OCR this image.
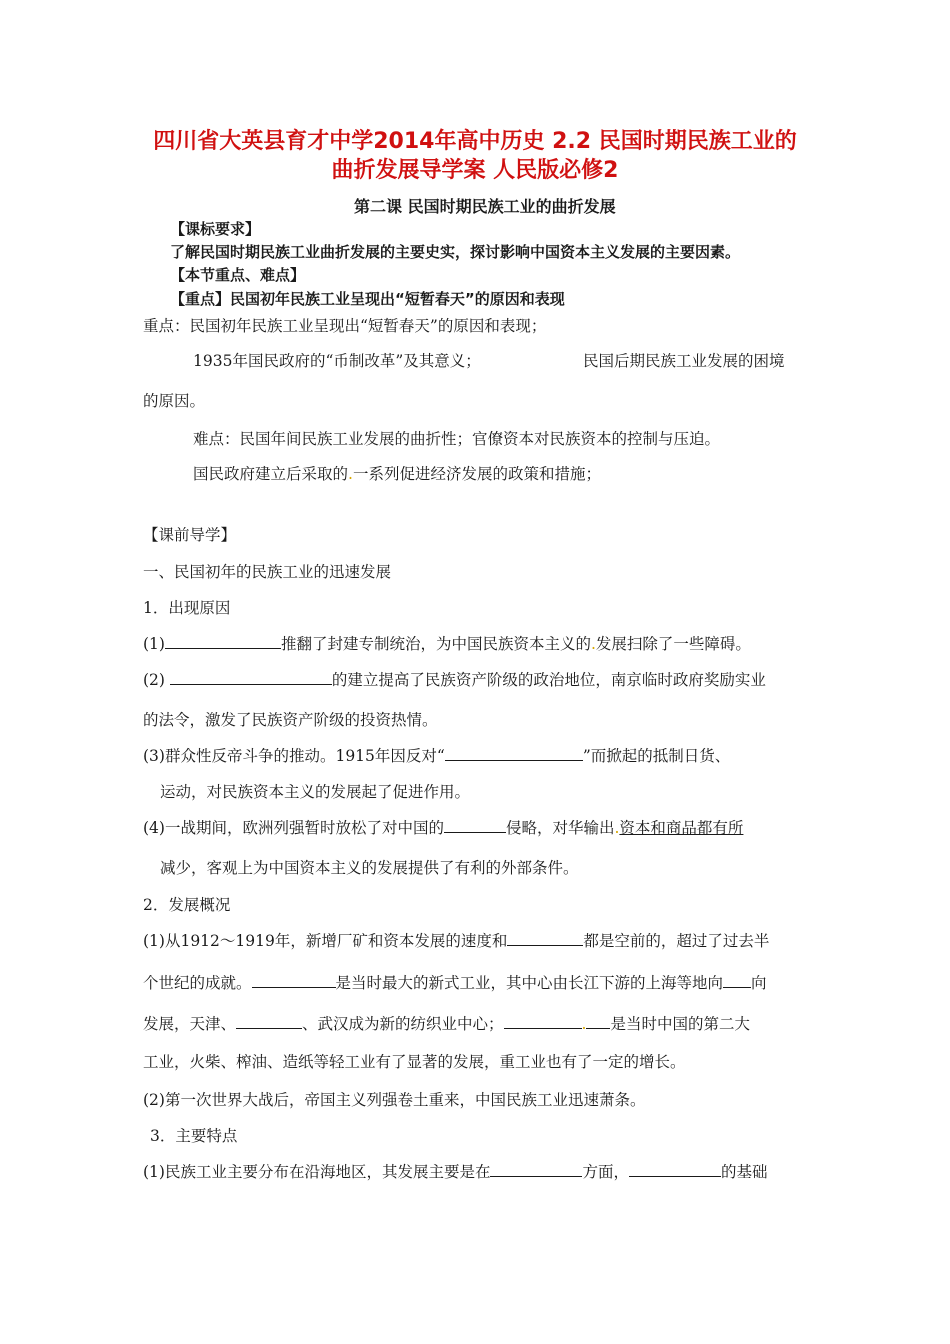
四川省大英县育才中学2014年高中历史 2.2 民国时期民族工业的
曲折发展导学案 人民版必修2
第二课 民国时期民族工业的曲折发展
【课标要求】
了解民国时期民族工业曲折发展的主要史实，探讨影响中国资本主义发展的主要因素。
【本节重点、难点】
【重点】民国初年民族工业呈现出“短暂春天”的原因和表现
重点：民国初年民族工业呈现出“短暂春天”的原因和表现；
1935年国民政府的“币制改革”及其意义；	民国后期民族工业发展的困境
的原因。
难点：民国年间民族工业发展的曲折性；官僚资本对民族资本的控制与压迫。
国民政府建立后采取的.一系列促进经济发展的政策和措施；
【课前导学】
一、民国初年的民族工业的迅速发展
1．出现原因
(1)	推翻了封建专制统治，为中国民族资本主义的.发展扫除了一些障碍。
(2)	的建立提高了民族资产阶级的政治地位，南京临时政府奖励实业
的法令，激发了民族资产阶级的投资热情。
(3)群众性反帝斗争的推动。1915年因反对“	”而掀起的抵制日货、
运动，对民族资本主义的发展起了促进作用。
(4)一战期间，欧洲列强暂时放松了对中国的	侵略，对华输出.资本和商品都有所
减少，客观上为中国资本主义的发展提供了有利的外部条件。
2．发展概况
(1)从1912～1919年，新增厂矿和资本发展的速度和	都是空前的，超过了过去半
个世纪的成就。	是当时最大的新式工业，其中心由长江下游的上海等地向 向
发展，天津、	、武汉成为新的纺织业中心；	. 是当时中国的第二大
工业，火柴、榨油、造纸等轻工业有了显著的发展，重工业也有了一定的增长。
(2)第一次世界大战后，帝国主义列强卷土重来，中国民族工业迅速萧条。
3．主要特点
(1)民族工业主要分布在沿海地区，其发展主要是在	方面，	的基础
